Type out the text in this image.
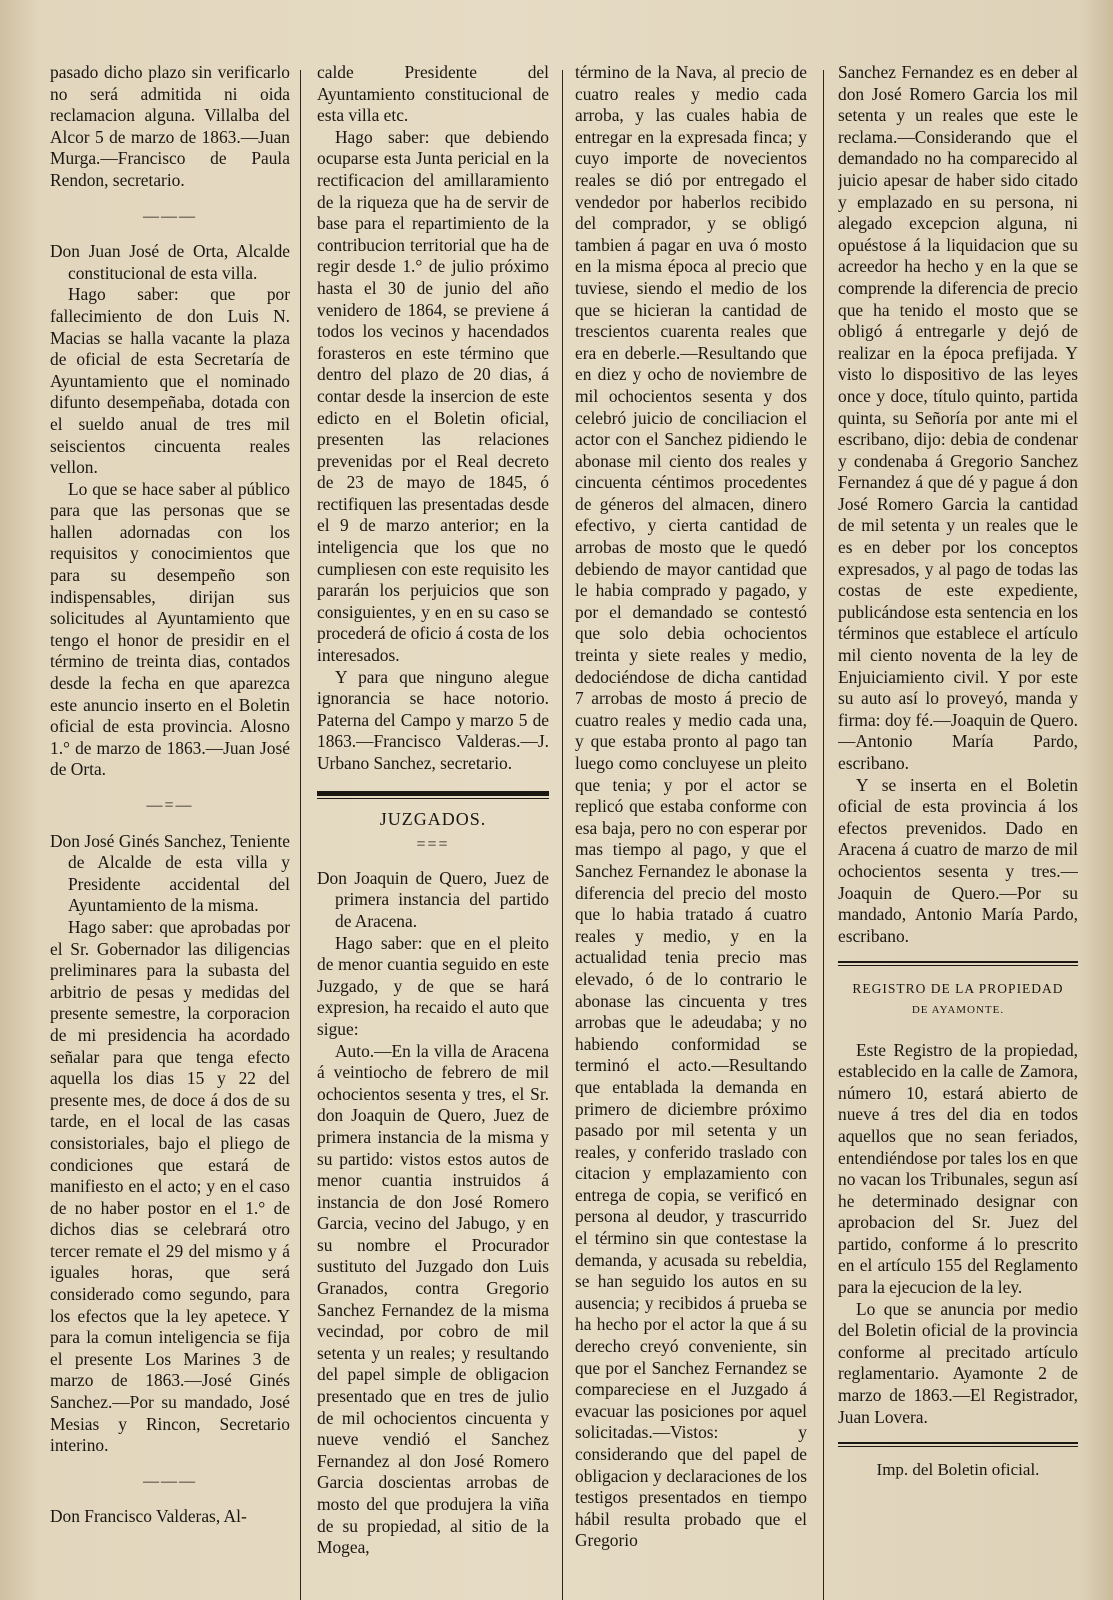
pasado dicho plazo sin verificarlo no será admitida ni oida reclamacion alguna. Villalba del Alcor 5 de marzo de 1863.—Juan Murga.—Francisco de Paula Rendon, secretario.

———

Don Juan José de Orta, Alcalde constitucional de esta villa.

Hago saber: que por fallecimiento de don Luis N. Macias se halla vacante la plaza de oficial de esta Secretaría de Ayuntamiento que el nominado difunto desempeñaba, dotada con el sueldo anual de tres mil seiscientos cincuenta reales vellon.

Lo que se hace saber al público para que las personas que se hallen adornadas con los requisitos y conocimientos que para su desempeño son indispensables, dirijan sus solicitudes al Ayuntamiento que tengo el honor de presidir en el término de treinta dias, contados desde la fecha en que aparezca este anuncio inserto en el Boletin oficial de esta provincia. Alosno 1.° de marzo de 1863.—Juan José de Orta.

—=—

Don José Ginés Sanchez, Teniente de Alcalde de esta villa y Presidente accidental del Ayuntamiento de la misma.

Hago saber: que aprobadas por el Sr. Gobernador las diligencias preliminares para la subasta del arbitrio de pesas y medidas del presente semestre, la corporacion de mi presidencia ha acordado señalar para que tenga efecto aquella los dias 15 y 22 del presente mes, de doce á dos de su tarde, en el local de las casas consistoriales, bajo el pliego de condiciones que estará de manifiesto en el acto; y en el caso de no haber postor en el 1.° de dichos dias se celebrará otro tercer remate el 29 del mismo y á iguales horas, que será considerado como segundo, para los efectos que la ley apetece. Y para la comun inteligencia se fija el presente Los Marines 3 de marzo de 1863.—José Ginés Sanchez.—Por su mandado, José Mesias y Rincon, Secretario interino.

———

Don Francisco Valderas, Al-

calde Presidente del Ayuntamiento constitucional de esta villa etc.

Hago saber: que debiendo ocuparse esta Junta pericial en la rectificacion del amillaramiento de la riqueza que ha de servir de base para el repartimiento de la contribucion territorial que ha de regir desde 1.° de julio próximo hasta el 30 de junio del año venidero de 1864, se previene á todos los vecinos y hacendados forasteros en este término que dentro del plazo de 20 dias, á contar desde la insercion de este edicto en el Boletin oficial, presenten las relaciones prevenidas por el Real decreto de 23 de mayo de 1845, ó rectifiquen las presentadas desde el 9 de marzo anterior; en la inteligencia que los que no cumpliesen con este requisito les pararán los perjuicios que son consiguientes, y en en su caso se procederá de oficio á costa de los interesados.

Y para que ninguno alegue ignorancia se hace notorio. Paterna del Campo y marzo 5 de 1863.—Francisco Valderas.—J. Urbano Sanchez, secretario.

JUZGADOS.
===

Don Joaquin de Quero, Juez de primera instancia del partido de Aracena.

Hago saber: que en el pleito de menor cuantia seguido en este Juzgado, y de que se hará expresion, ha recaido el auto que sigue:

Auto.—En la villa de Aracena á veintiocho de febrero de mil ochocientos sesenta y tres, el Sr. don Joaquin de Quero, Juez de primera instancia de la misma y su partido: vistos estos autos de menor cuantia instruidos á instancia de don José Romero Garcia, vecino del Jabugo, y en su nombre el Procurador sustituto del Juzgado don Luis Granados, contra Gregorio Sanchez Fernandez de la misma vecindad, por cobro de mil setenta y un reales; y resultando del papel simple de obligacion presentado que en tres de julio de mil ochocientos cincuenta y nueve vendió el Sanchez Fernandez al don José Romero Garcia doscientas arrobas de mosto del que produjera la viña de su propiedad, al sitio de la Mogea,

término de la Nava, al precio de cuatro reales y medio cada arroba, y las cuales habia de entregar en la expresada finca; y cuyo importe de novecientos reales se dió por entregado el vendedor por haberlos recibido del comprador, y se obligó tambien á pagar en uva ó mosto en la misma época al precio que tuviese, siendo el medio de los que se hicieran la cantidad de trescientos cuarenta reales que era en deberle.—Resultando que en diez y ocho de noviembre de mil ochocientos sesenta y dos celebró juicio de conciliacion el actor con el Sanchez pidiendo le abonase mil ciento dos reales y cincuenta céntimos procedentes de géneros del almacen, dinero efectivo, y cierta cantidad de arrobas de mosto que le quedó debiendo de mayor cantidad que le habia comprado y pagado, y por el demandado se contestó que solo debia ochocientos treinta y siete reales y medio, dedociéndose de dicha cantidad 7 arrobas de mosto á precio de cuatro reales y medio cada una, y que estaba pronto al pago tan luego como concluyese un pleito que tenia; y por el actor se replicó que estaba conforme con esa baja, pero no con esperar por mas tiempo al pago, y que el Sanchez Fernandez le abonase la diferencia del precio del mosto que lo habia tratado á cuatro reales y medio, y en la actualidad tenia precio mas elevado, ó de lo contrario le abonase las cincuenta y tres arrobas que le adeudaba; y no habiendo conformidad se terminó el acto.—Resultando que entablada la demanda en primero de diciembre próximo pasado por mil setenta y un reales, y conferido traslado con citacion y emplazamiento con entrega de copia, se verificó en persona al deudor, y trascurrido el término sin que contestase la demanda, y acusada su rebeldia, se han seguido los autos en su ausencia; y recibidos á prueba se ha hecho por el actor la que á su derecho creyó conveniente, sin que por el Sanchez Fernandez se compareciese en el Juzgado á evacuar las posiciones por aquel solicitadas.—Vistos: y considerando que del papel de obligacion y declaraciones de los testigos presentados en tiempo hábil resulta probado que el Gregorio

Sanchez Fernandez es en deber al don José Romero Garcia los mil setenta y un reales que este le reclama.—Considerando que el demandado no ha comparecido al juicio apesar de haber sido citado y emplazado en su persona, ni alegado excepcion alguna, ni opuéstose á la liquidacion que su acreedor ha hecho y en la que se comprende la diferencia de precio que ha tenido el mosto que se obligó á entregarle y dejó de realizar en la época prefijada. Y visto lo dispositivo de las leyes once y doce, título quinto, partida quinta, su Señoría por ante mi el escribano, dijo: debia de condenar y condenaba á Gregorio Sanchez Fernandez á que dé y pague á don José Romero Garcia la cantidad de mil setenta y un reales que le es en deber por los conceptos expresados, y al pago de todas las costas de este expediente, publicándose esta sentencia en los términos que establece el artículo mil ciento noventa de la ley de Enjuiciamiento civil. Y por este su auto así lo proveyó, manda y firma: doy fé.—Joaquin de Quero.—Antonio María Pardo, escribano.

Y se inserta en el Boletin oficial de esta provincia á los efectos prevenidos. Dado en Aracena á cuatro de marzo de mil ochocientos sesenta y tres.—Joaquin de Quero.—Por su mandado, Antonio María Pardo, escribano.

REGISTRO DE LA PROPIEDAD
DE AYAMONTE.

Este Registro de la propiedad, establecido en la calle de Zamora, número 10, estará abierto de nueve á tres del dia en todos aquellos que no sean feriados, entendiéndose por tales los en que no vacan los Tribunales, segun así he determinado designar con aprobacion del Sr. Juez del partido, conforme á lo prescrito en el artículo 155 del Reglamento para la ejecucion de la ley.

Lo que se anuncia por medio del Boletin oficial de la provincia conforme al precitado artículo reglamentario. Ayamonte 2 de marzo de 1863.—El Registrador, Juan Lovera.

Imp. del Boletin oficial.
